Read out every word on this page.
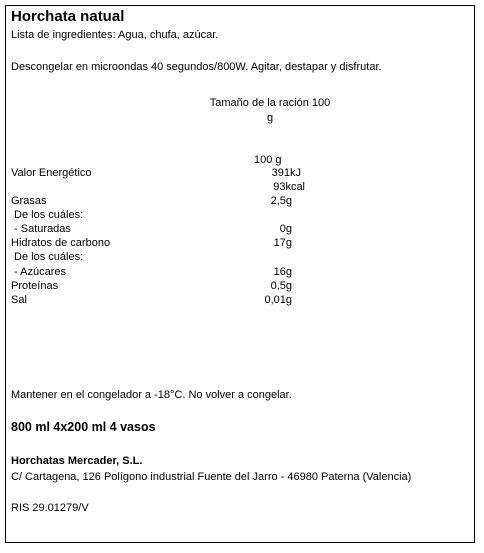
Horchata natual
Lista de ingredientes: Agua, chufa, azúcar.
Descongelar en microondas 40 segundos/800W. Agitar, destapar y disfrutar.
Tamaño de la ración 100
g
100 g
Valor Energético	391kJ
93kcal
Grasas	2,5g
De los cuáles:
- Saturadas	0g
Hidratos de carbono	17g
De los cuáles:
- Azúcares	16g
Proteínas	0,5g
Sal	0,01g
Mantener en el congelador a -18°C. No volver a congelar.
800 ml 4x200 ml 4 vasos
Horchatas Mercader, S.L.
C/ Cartagena, 126 Polígono industrial Fuente del Jarro - 46980 Paterna (Valencia)
RIS 29.01279/V
